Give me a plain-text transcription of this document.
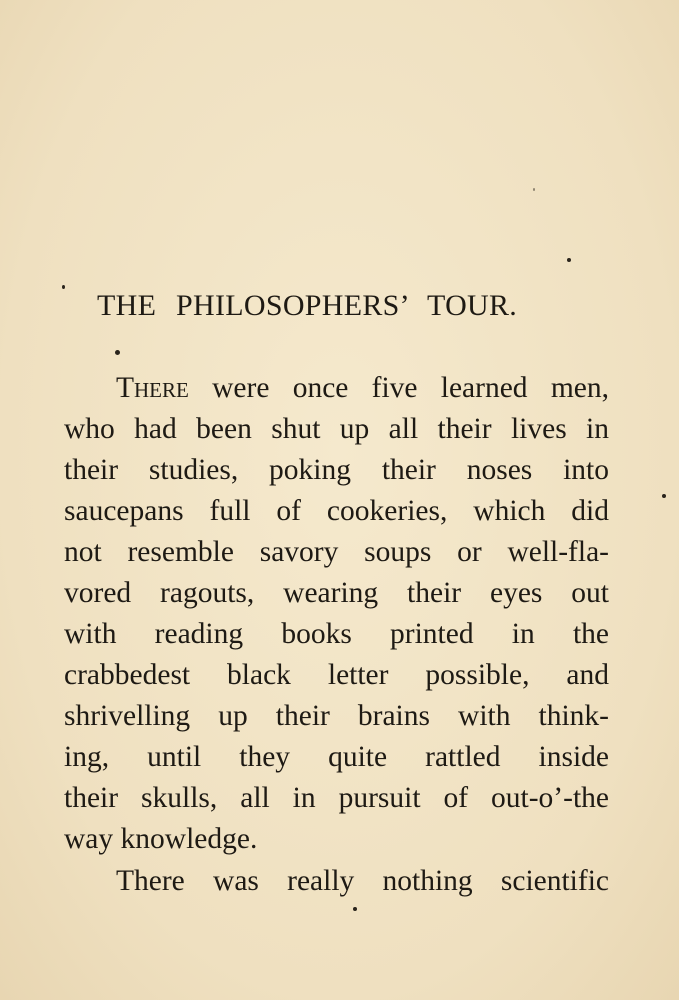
THE PHILOSOPHERS’ TOUR.
There were once five learned men,
who had been shut up all their lives in
their studies, poking their noses into
saucepans full of cookeries, which did
not resemble savory soups or well-fla-
vored ragouts, wearing their eyes out
with reading books printed in the
crabbedest black letter possible, and
shrivelling up their brains with think-
ing, until they quite rattled inside
their skulls, all in pursuit of out-o’-the
way knowledge.
There was really nothing scientific
